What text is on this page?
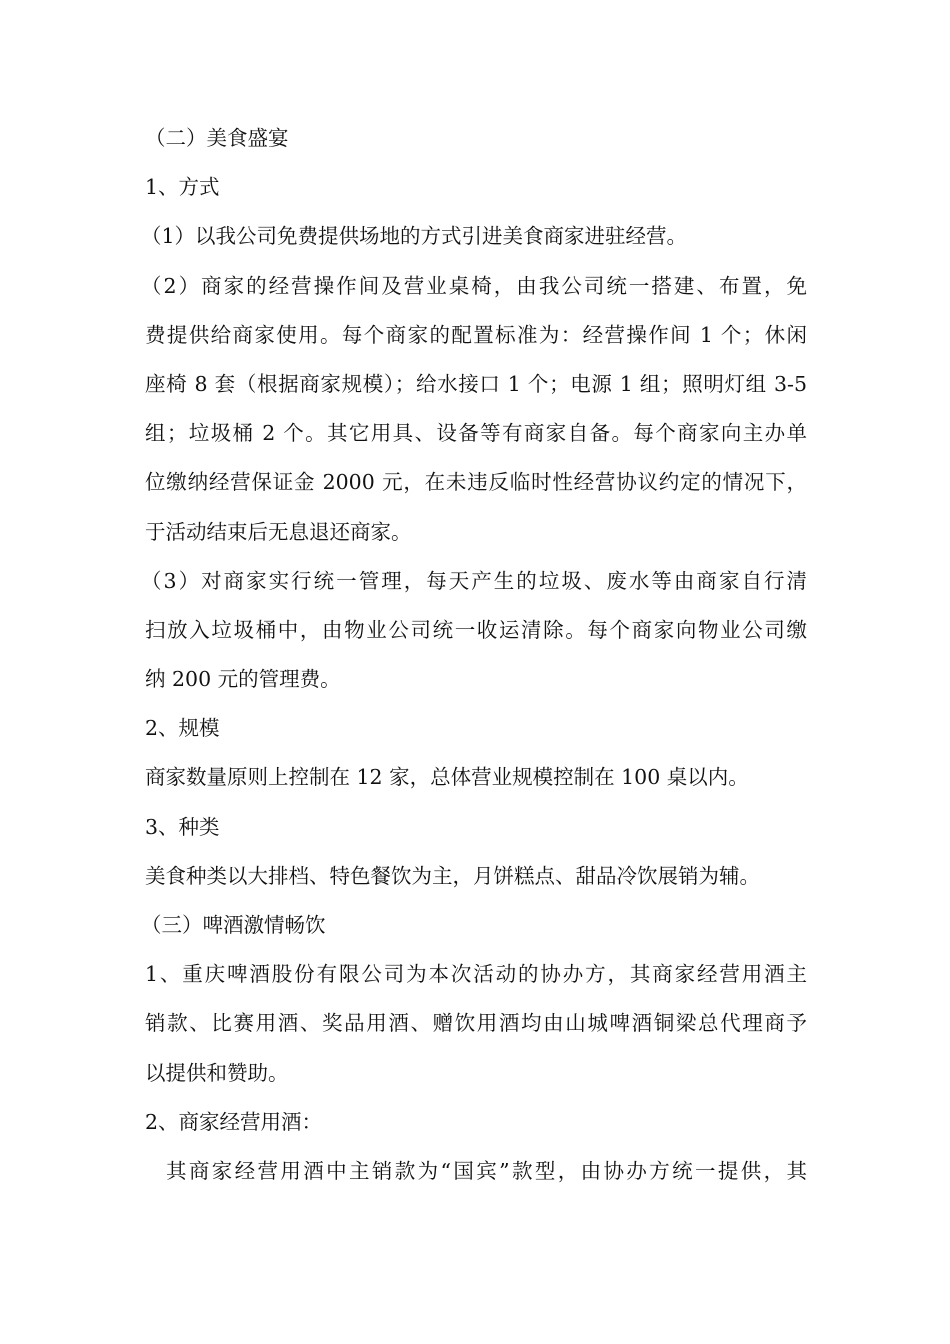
（二）美食盛宴

1、方式

（1）以我公司免费提供场地的方式引进美食商家进驻经营。

（2）商家的经营操作间及营业桌椅，由我公司统一搭建、布置，免

费提供给商家使用。每个商家的配置标准为：经营操作间 1 个；休闲

座椅 8 套（根据商家规模）；给水接口 1 个；电源 1 组；照明灯组 3-5

组；垃圾桶 2 个。其它用具、设备等有商家自备。每个商家向主办单

位缴纳经营保证金 2000 元，在未违反临时性经营协议约定的情况下，

于活动结束后无息退还商家。

（3）对商家实行统一管理，每天产生的垃圾、废水等由商家自行清

扫放入垃圾桶中，由物业公司统一收运清除。每个商家向物业公司缴

纳 200 元的管理费。

2、规模

商家数量原则上控制在 12 家，总体营业规模控制在 100 桌以内。

3、种类

美食种类以大排档、特色餐饮为主，月饼糕点、甜品冷饮展销为辅。

（三）啤酒激情畅饮

1、重庆啤酒股份有限公司为本次活动的协办方，其商家经营用酒主

销款、比赛用酒、奖品用酒、赠饮用酒均由山城啤酒铜梁总代理商予

以提供和赞助。

2、商家经营用酒：

其商家经营用酒中主销款为“国宾”款型，由协办方统一提供，其
